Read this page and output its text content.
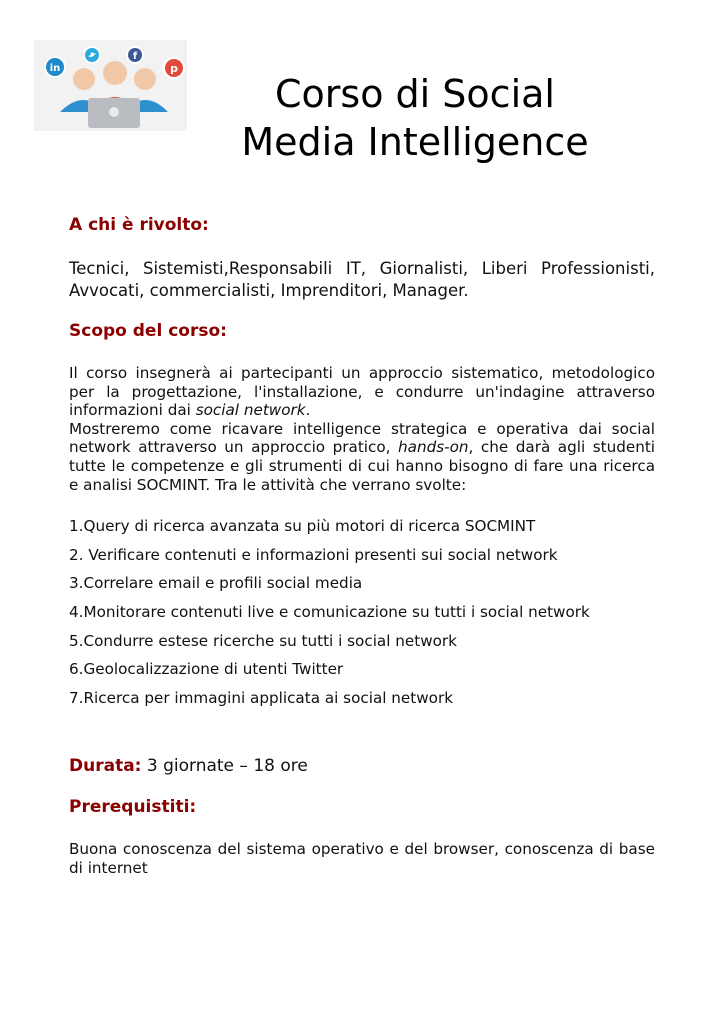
in
f
p
Corso di Social
Media Intelligence
A chi è rivolto:

Tecnici, Sistemisti,Responsabili IT, Giornalisti, Liberi Professionisti, Avvocati, commercialisti, Imprenditori, Manager.

Scopo del corso:
Il corso insegnerà ai partecipanti un approccio sistematico, metodologico per la progettazione, l'installazione, e condurre un'indagine attraverso informazioni dai social network.
Mostreremo come ricavare intelligence strategica e operativa dai social network attraverso un approccio pratico, hands-on, che darà agli studenti tutte le competenze e gli strumenti di cui hanno bisogno di fare una ricerca e analisi SOCMINT. Tra le attività che verrano svolte:
1.Query di ricerca avanzata su più motori di ricerca SOCMINT
2. Verificare contenuti e informazioni presenti sui social network
3.Correlare email e profili social media
4.Monitorare contenuti live e comunicazione su tutti i social network
5.Condurre estese ricerche su tutti i social network
6.Geolocalizzazione di utenti Twitter
7.Ricerca per immagini applicata ai social network

Durata: 3 giornate – 18 ore

Prerequistiti:

Buona conoscenza del sistema operativo e del browser, conoscenza di base di internet
